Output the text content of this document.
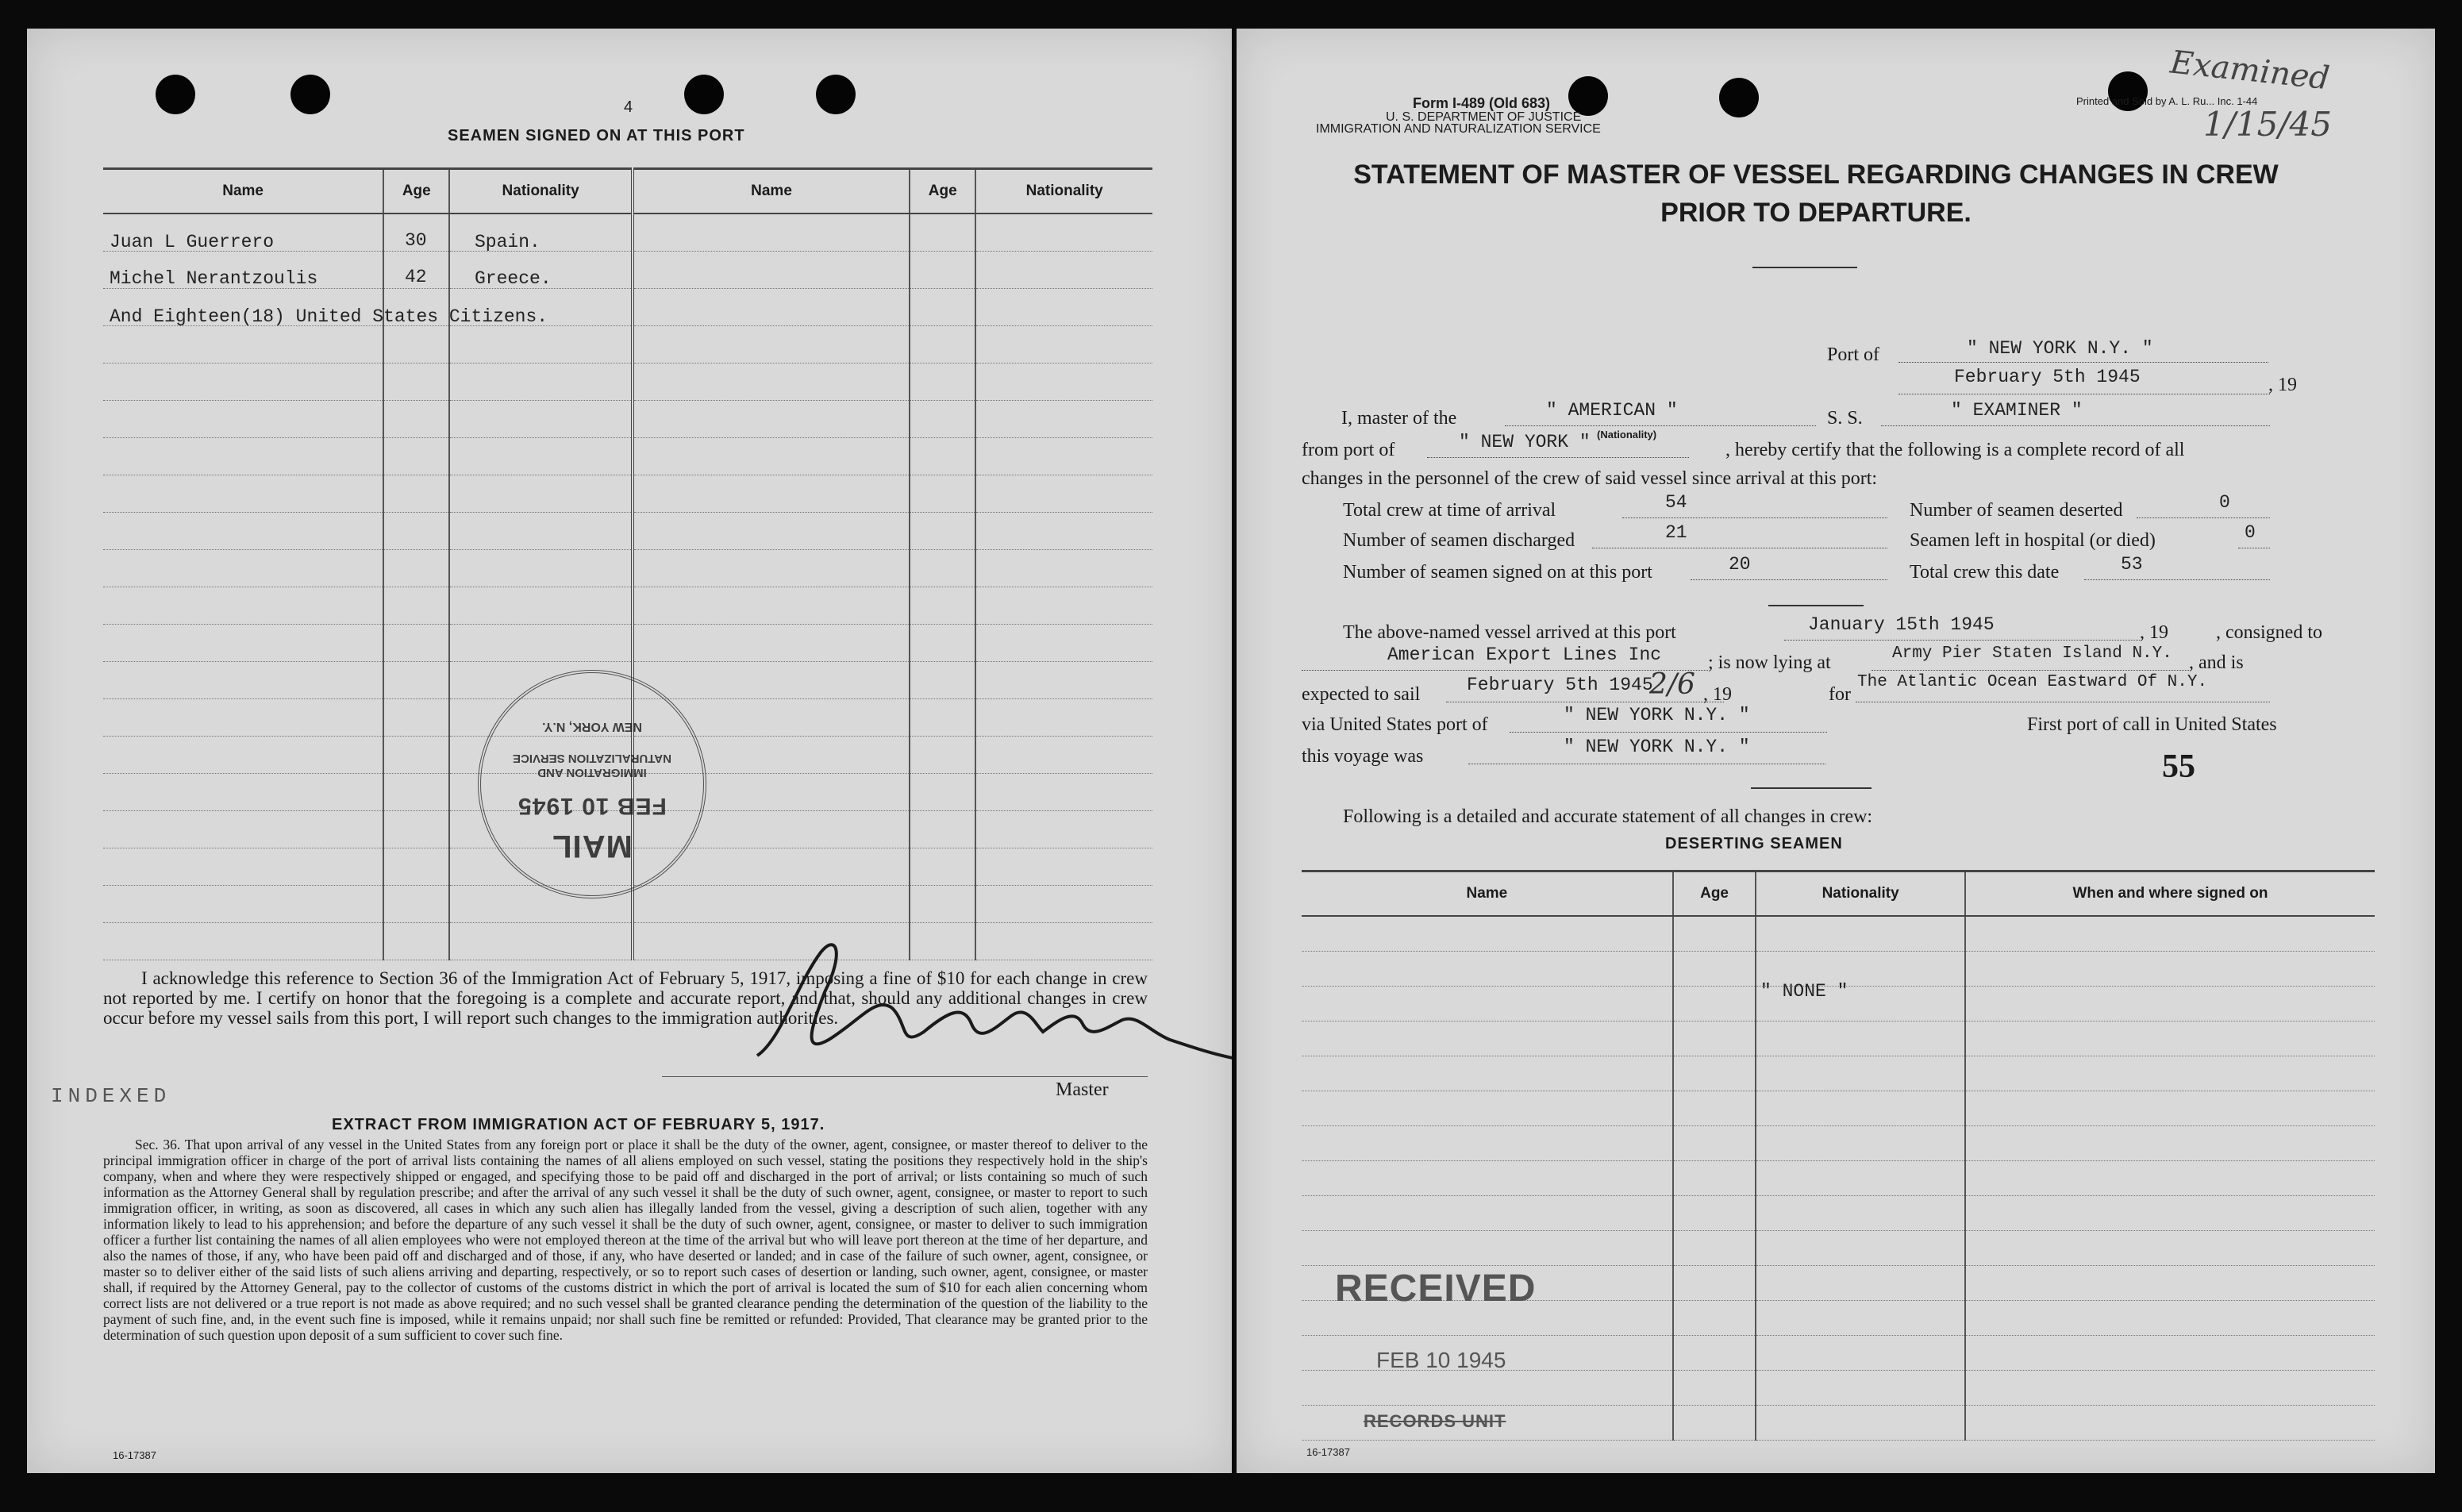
4
SEAMEN SIGNED ON AT THIS PORT
Name	Age	Nationality	Name	Age	Nationality

Juan L Guerrero	30	Spain.
Michel Nerantzoulis	42	Greece.
And Eighteen(18) United States Citizens.
MAIL
FEB 10 1945
IMMIGRATION AND NATURALIZATION SERVICE
NEW YORK, N.Y.
I acknowledge this reference to Section 36 of the Immigration Act of February 5, 1917, imposing a fine of $10 for each change in crew not reported by me. I certify on honor that the foregoing is a complete and accurate report, and that, should any additional changes in crew occur before my vessel sails from this port, I will report such changes to the immigration authorities.
Master
INDEXED
EXTRACT FROM IMMIGRATION ACT OF FEBRUARY 5, 1917.
Sec. 36. That upon arrival of any vessel in the United States from any foreign port or place it shall be the duty of the owner, agent, consignee, or master thereof to deliver to the principal immigration officer in charge of the port of arrival lists containing the names of all aliens employed on such vessel, stating the positions they respectively hold in the ship's company, when and where they were respectively shipped or engaged, and specifying those to be paid off and discharged in the port of arrival; or lists containing so much of such information as the Attorney General shall by regulation prescribe; and after the arrival of any such vessel it shall be the duty of such owner, agent, consignee, or master to report to such immigration officer, in writing, as soon as discovered, all cases in which any such alien has illegally landed from the vessel, giving a description of such alien, together with any information likely to lead to his apprehension; and before the departure of any such vessel it shall be the duty of such owner, agent, consignee, or master to deliver to such immigration officer a further list containing the names of all alien employees who were not employed thereon at the time of the arrival but who will leave port thereon at the time of her departure, and also the names of those, if any, who have been paid off and discharged and of those, if any, who have deserted or landed; and in case of the failure of such owner, agent, consignee, or master so to deliver either of the said lists of such aliens arriving and departing, respectively, or so to report such cases of desertion or landing, such owner, agent, consignee, or master shall, if required by the Attorney General, pay to the collector of customs of the customs district in which the port of arrival is located the sum of $10 for each alien concerning whom correct lists are not delivered or a true report is not made as above required; and no such vessel shall be granted clearance pending the determination of the question of the liability to the payment of such fine, and, in the event such fine is imposed, while it remains unpaid; nor shall such fine be remitted or refunded: Provided, That clearance may be granted prior to the determination of such question upon deposit of a sum sufficient to cover such fine.
16-17387
Form I-489 (Old 683)	Printed and Sold by A. L. Ru... Inc. 1-44
U. S. DEPARTMENT OF JUSTICE
IMMIGRATION AND NATURALIZATION SERVICE
Examined
1/15/45
STATEMENT OF MASTER OF VESSEL REGARDING CHANGES IN CREW
PRIOR TO DEPARTURE.
Port of	" NEW YORK N.Y. "
February 5th 1945	, 19
I, master of the	" AMERICAN "	S. S.	" EXAMINER "
(Nationality)
from port of	" NEW YORK "	, hereby certify that the following is a complete record of all
changes in the personnel of the crew of said vessel since arrival at this port:
Total crew at time of arrival	54
Number of seamen discharged	21
Number of seamen signed on at this port	20
Number of seamen deserted	0
Seamen left in hospital (or died)	0
Total crew this date	53
The above-named vessel arrived at this port	January 15th 1945	, 19	, consigned to
American Export Lines Inc ; is now lying at	Army Pier Staten Island N.Y. , and is
expected to sail	February 5th 1945
2/6 , 19	for
The Atlantic Ocean Eastward Of N.Y.
via United States port of	" NEW YORK N.Y. "	First port of call in United States
this voyage was	" NEW YORK N.Y. "
55
Following is a detailed and accurate statement of all changes in crew:
DESERTING SEAMEN
Name	Age	Nationality	When and where signed on

" NONE "
RECEIVED
FEB 10 1945
RECORDS UNIT
16-17387
